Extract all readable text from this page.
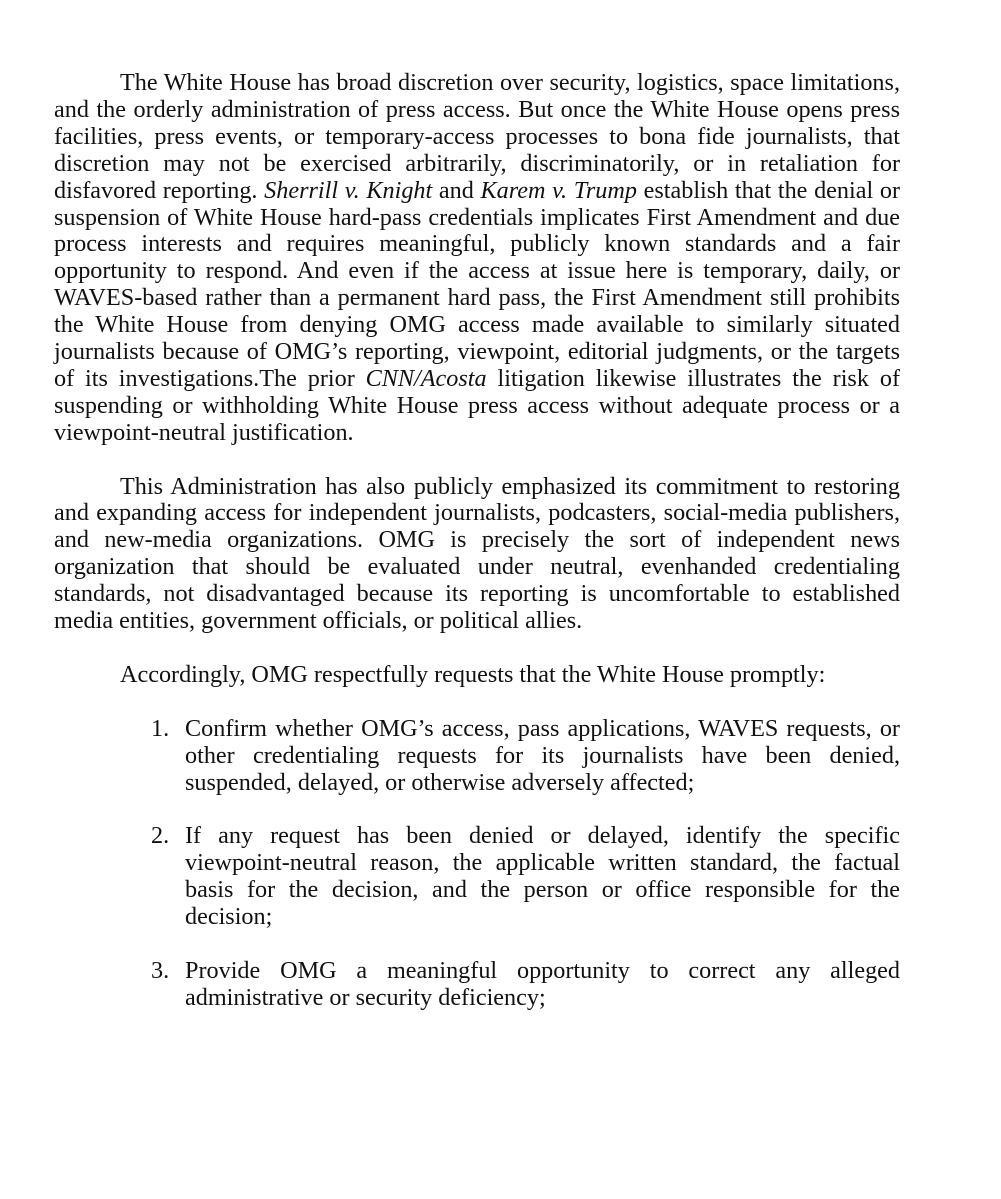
The White House has broad discretion over security, logistics, space limitations, and the orderly administration of press access. But once the White House opens press facilities, press events, or temporary-access processes to bona fide journalists, that discretion may not be exercised arbitrarily, discriminatorily, or in retaliation for disfavored reporting. Sherrill v. Knight and Karem v. Trump establish that the denial or suspension of White House hard-pass credentials implicates First Amendment and due process interests and requires meaningful, publicly known standards and a fair opportunity to respond. And even if the access at issue here is temporary, daily, or WAVES-based rather than a permanent hard pass, the First Amendment still prohibits the White House from denying OMG access made available to similarly situated journalists because of OMG’s reporting, viewpoint, editorial judgments, or the targets of its investigations.The prior CNN/Acosta litigation likewise illustrates the risk of suspending or withholding White House press access without adequate process or a viewpoint-neutral justification.

This Administration has also publicly emphasized its commitment to restoring and expanding access for independent journalists, podcasters, social-media publishers, and new-media organizations. OMG is precisely the sort of independent news organization that should be evaluated under neutral, evenhanded credentialing standards, not disadvantaged because its reporting is uncomfortable to established media entities, government officials, or political allies.

Accordingly, OMG respectfully requests that the White House promptly:

1. Confirm whether OMG’s access, pass applications, WAVES requests, or other credentialing requests for its journalists have been denied, suspended, delayed, or otherwise adversely affected;
2. If any request has been denied or delayed, identify the specific viewpoint-neutral reason, the applicable written standard, the factual basis for the decision, and the person or office responsible for the decision;
3. Provide OMG a meaningful opportunity to correct any alleged administrative or security deficiency;
